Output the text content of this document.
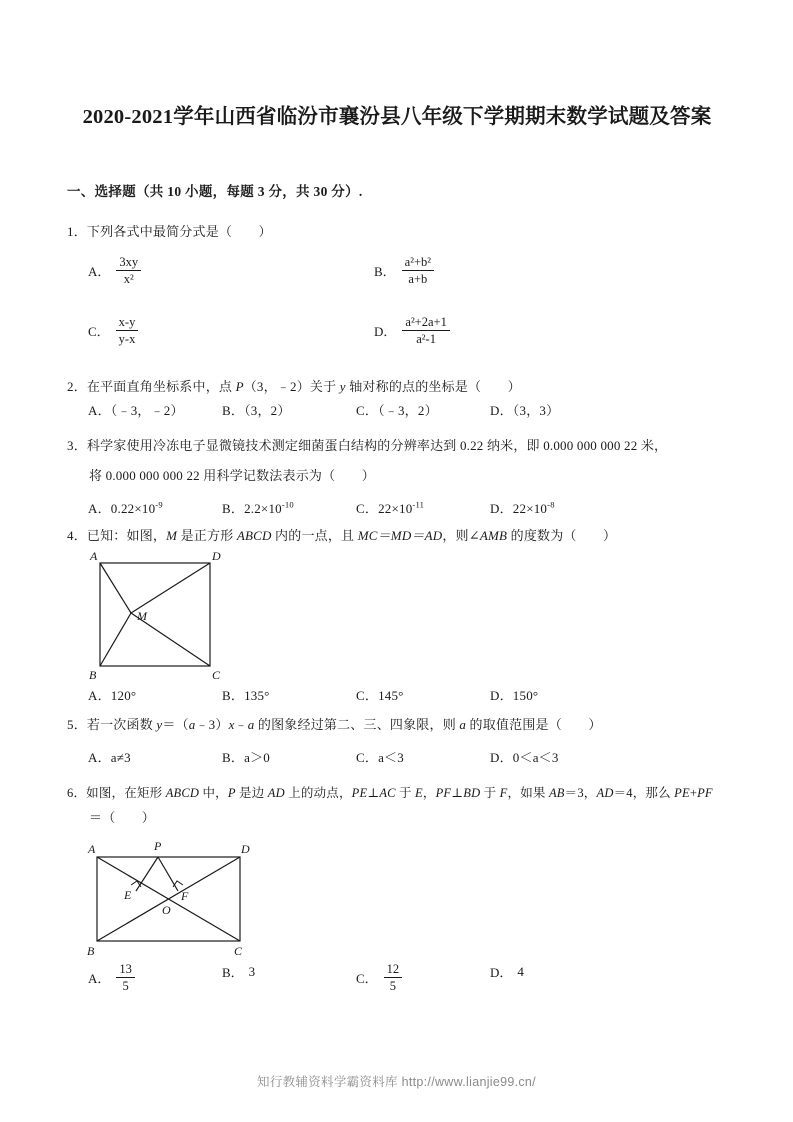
2020-2021学年山西省临汾市襄汾县八年级下学期期末数学试题及答案
一、选择题（共 10 小题，每题 3 分，共 30 分）.
1．下列各式中最简分式是（　　）
A． $\frac{3xy}{\text{x²}}$	B． $\frac{\text{a²+b²}}{a+b}$
C． $\frac{x-y}{y-x}$	D． $\frac{\text{a²+2a+1}}{\text{a²-1}}$
2．在平面直角坐标系中，点 P（3，﹣2）关于 y 轴对称的点的坐标是（　　）
A．（﹣3，﹣2）	B．（3，2）	C．（﹣3，2）	D．（3，3）
3．科学家使用冷冻电子显微镜技术测定细菌蛋白结构的分辨率达到 0.22 纳米，即 0.000 000 000 22 米，
将 0.000 000 000 22 用科学记数法表示为（　　）
A．$0.22\times 10^{-9}$	B．$2.2\times 10^{-10}$	C．$22\times 10^{-11}$	D．$22\times 10^{-8}$
4．已知：如图，M 是正方形 ABCD 内的一点，且 MC＝MD＝AD，则∠AMB 的度数为（　　）
A	D
B	C
M
A．120°	B．135°	C．145°	D．150°
5．若一次函数 y＝（a﹣3）x﹣a 的图象经过第二、三、四象限，则 a 的取值范围是（　　）
A．a≠3	B．a＞0	C．a＜3	D．0＜a＜3
6．如图，在矩形 ABCD 中，P 是边 AD 上的动点，PE⊥AC 于 E，PF⊥BD 于 F，如果 AB＝3，AD＝4，那么 PE+PF
＝（　　）
A	P	D
E	F
O
B	C
A． $\frac{13}{5}$	B． 3	C． $\frac{12}{5}$	D． 4
知行教辅资料学霸资料库 http://www.lianjie99.cn/
